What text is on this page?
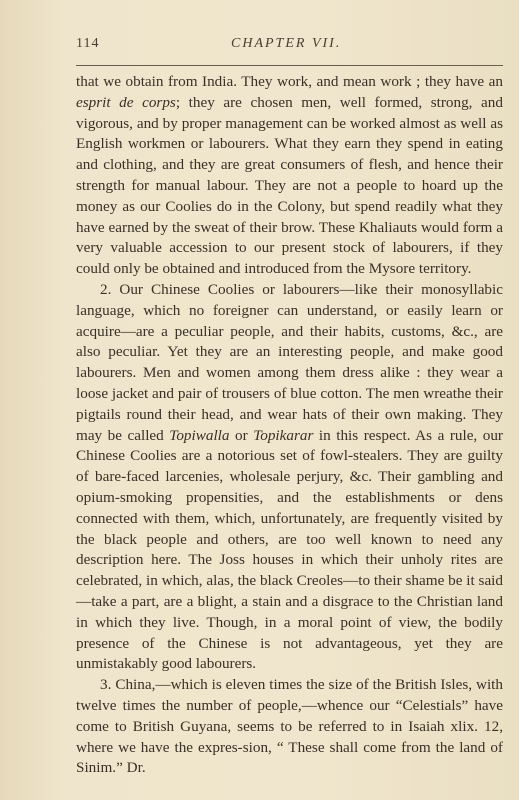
114	CHAPTER VII.

that we obtain from India. They work, and mean work ; they have an esprit de corps; they are chosen men, well formed, strong, and vigorous, and by proper management can be worked almost as well as English workmen or labourers. What they earn they spend in eating and clothing, and they are great consumers of flesh, and hence their strength for manual labour. They are not a people to hoard up the money as our Coolies do in the Colony, but spend readily what they have earned by the sweat of their brow. These Khaliauts would form a very valuable accession to our present stock of labourers, if they could only be obtained and introduced from the Mysore territory.

2. Our Chinese Coolies or labourers—like their monosyllabic language, which no foreigner can understand, or easily learn or acquire—are a peculiar people, and their habits, customs, &c., are also peculiar. Yet they are an interesting people, and make good labourers. Men and women among them dress alike : they wear a loose jacket and pair of trousers of blue cotton. The men wreathe their pigtails round their head, and wear hats of their own making. They may be called Topiwalla or Topikarar in this respect. As a rule, our Chinese Coolies are a notorious set of fowl-stealers. They are guilty of bare-faced larcenies, wholesale perjury, &c. Their gambling and opium-smoking propensities, and the establishments or dens connected with them, which, unfortunately, are frequently visited by the black people and others, are too well known to need any description here. The Joss houses in which their unholy rites are celebrated, in which, alas, the black Creoles—to their shame be it said—take a part, are a blight, a stain and a disgrace to the Christian land in which they live. Though, in a moral point of view, the bodily presence of the Chinese is not advantageous, yet they are unmistakably good labourers.

3. China,—which is eleven times the size of the British Isles, with twelve times the number of people,—whence our “Celestials” have come to British Guyana, seems to be referred to in Isaiah xlix. 12, where we have the expres-sion, “ These shall come from the land of Sinim.” Dr.
